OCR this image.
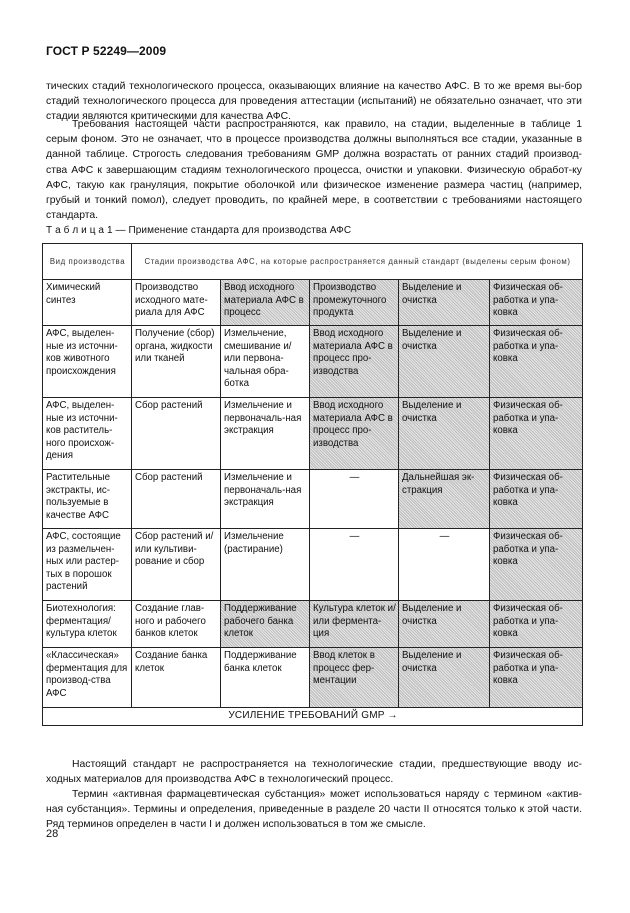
ГОСТ Р 52249—2009

тических стадий технологического процесса, оказывающих влияние на качество АФС. В то же время вы-бор стадий технологического процесса для проведения аттестации (испытаний) не обязательно означает, что эти стадии являются критическими для качества АФС.

Требования настоящей части распространяются, как правило, на стадии, выделенные в таблице 1 серым фоном. Это не означает, что в процессе производства должны выполняться все стадии, указанные в данной таблице. Строгость следования требованиям GMP должна возрастать от ранних стадий производ-ства АФС к завершающим стадиям технологического процесса, очистки и упаковки. Физическую обработ-ку АФС, такую как грануляция, покрытие оболочкой или физическое изменение размера частиц (например, грубый и тонкий помол), следует проводить, по крайней мере, в соответствии с требованиями настоящего стандарта.

Т а б л и ц а 1 — Применение стандарта для производства АФС
Вид производства	Стадии производства АФС, на которые распространяется данный стандарт (выделены серым фоном)				
Химический синтез	Производство исходного мате-риала для АФС	Ввод исходного материала АФС в процесс	Производство промежуточного продукта	Выделение и очистка	Физическая об-работка и упа-ковка
АФС, выделен-ные из источни-ков животного происхождения	Получение (сбор) органа, жидкости или тканей	Измельчение, смешивание и/или первона-чальная обра-ботка	Ввод исходного материала АФС в процесс про-изводства	Выделение и очистка	Физическая об-работка и упа-ковка
АФС, выделен-ные из источни-ков раститель-ного происхож-дения	Сбор растений	Измельчение и первоначаль-ная экстракция	Ввод исходного материала АФС в процесс про-изводства	Выделение и очистка	Физическая об-работка и упа-ковка
Растительные экстракты, ис-пользуемые в качестве АФС	Сбор растений	Измельчение и первоначаль-ная экстракция	—	Дальнейшая эк-стракция	Физическая об-работка и упа-ковка
АФС, состоящие из размельчен-ных или растер-тых в порошок растений	Сбор растений и/или культиви-рование и сбор	Измельчение (растирание)	—	—	Физическая об-работка и упа-ковка
Биотехнология: ферментация/ культура клеток	Создание глав-ного и рабочего банков клеток	Поддерживание рабочего банка клеток	Культура клеток и/или фермента-ция	Выделение и очистка	Физическая об-работка и упа-ковка
«Классическая» ферментация для производ-ства АФС	Создание банка клеток	Поддерживание банка клеток	Ввод клеток в процесс фер-ментации	Выделение и очистка	Физическая об-работка и упа-ковка
УСИЛЕНИЕ ТРЕБОВАНИЙ GMP →					

Настоящий стандарт не распространяется на технологические стадии, предшествующие вводу ис-ходных материалов для производства АФС в технологический процесс.

Термин «активная фармацевтическая субстанция» может использоваться наряду с термином «актив-ная субстанция». Термины и определения, приведенные в разделе 20 части II относятся только к этой части. Ряд терминов определен в части I и должен использоваться в том же смысле.

28
